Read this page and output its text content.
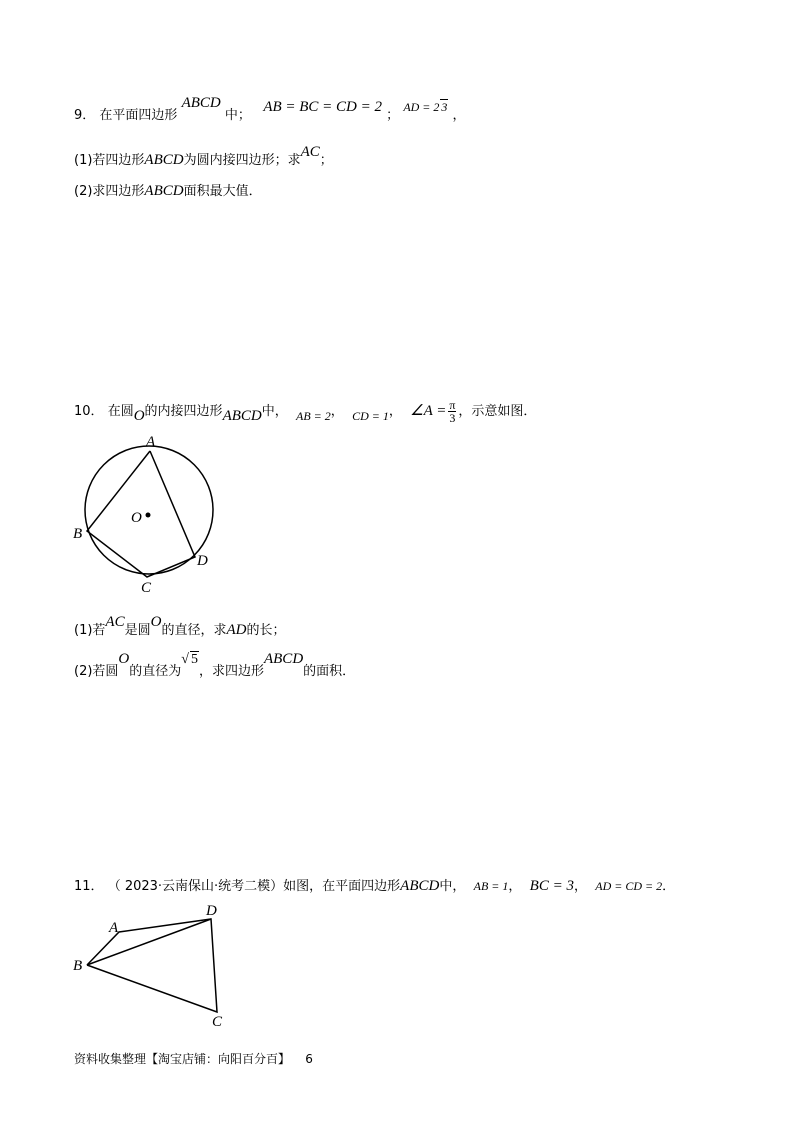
9． 在平面四边形 ABCD 中；   AB = BC = CD = 2 ； AD = 2 3 ，
(1)若四边形ABCD为圆内接四边形；求AC；
(2)求四边形ABCD面积最大值．
10． 在圆O的内接四边形ABCD中， AB = 2， CD = 1， ∠A = $\frac{\pi}{3}$ ，示意如图．
A
B
C
D
O
(1)若AC是圆O的直径，求AD的长；
(2)若圆O的直径为√ 5，求四边形ABCD的面积．
11． （ 2023·云南保山·统考二模）如图，在平面四边形ABCD中， AB = 1， BC = 3， AD = CD = 2．
A
B
C
D
资料收集整理【淘宝店铺：向阳百分百】 6
